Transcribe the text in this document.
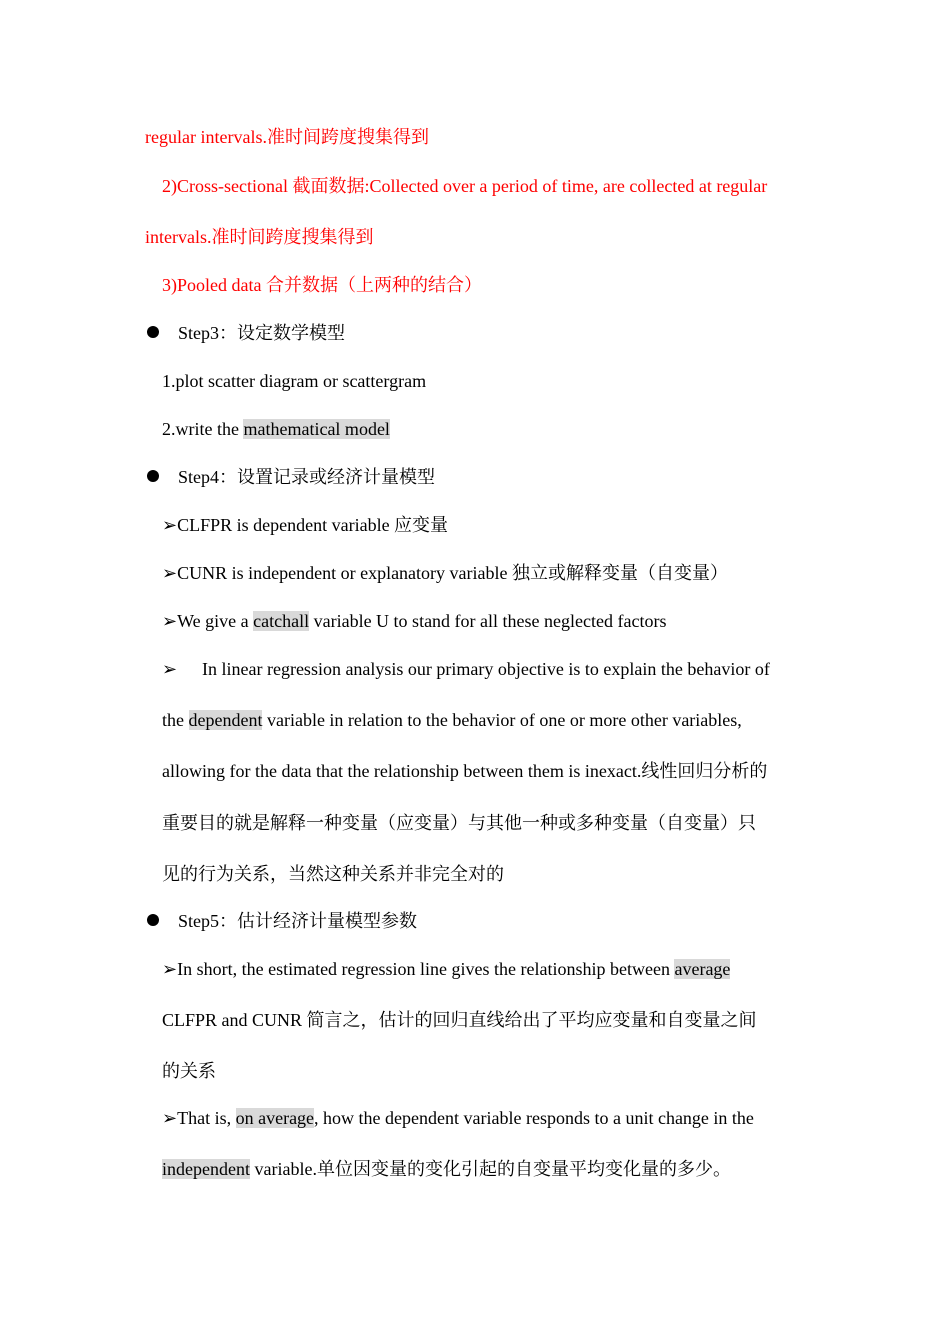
regular intervals.准时间跨度搜集得到
2)Cross-sectional 截面数据:Collected over a period of time, are collected at regular
intervals.准时间跨度搜集得到
3)Pooled data 合并数据（上两种的结合）
Step3：设定数学模型
1.plot scatter diagram or scattergram
2.write the mathematical model
Step4：设置记录或经济计量模型
➢CLFPR is dependent variable 应变量
➢CUNR is independent or explanatory variable 独立或解释变量（自变量）
➢We give a catchall variable U to stand for all these neglected factors
➢ In linear regression analysis our primary objective is to explain the behavior of
the dependent variable in relation to the behavior of one or more other variables,
allowing for the data that the relationship between them is inexact.线性回归分析的
重要目的就是解释一种变量（应变量）与其他一种或多种变量（自变量）只
见的行为关系，当然这种关系并非完全对的
Step5：估计经济计量模型参数
➢In short, the estimated regression line gives the relationship between average
CLFPR and CUNR 简言之，估计的回归直线给出了平均应变量和自变量之间
的关系
➢That is, on average, how the dependent variable responds to a unit change in the
independent variable.单位因变量的变化引起的自变量平均变化量的多少。
